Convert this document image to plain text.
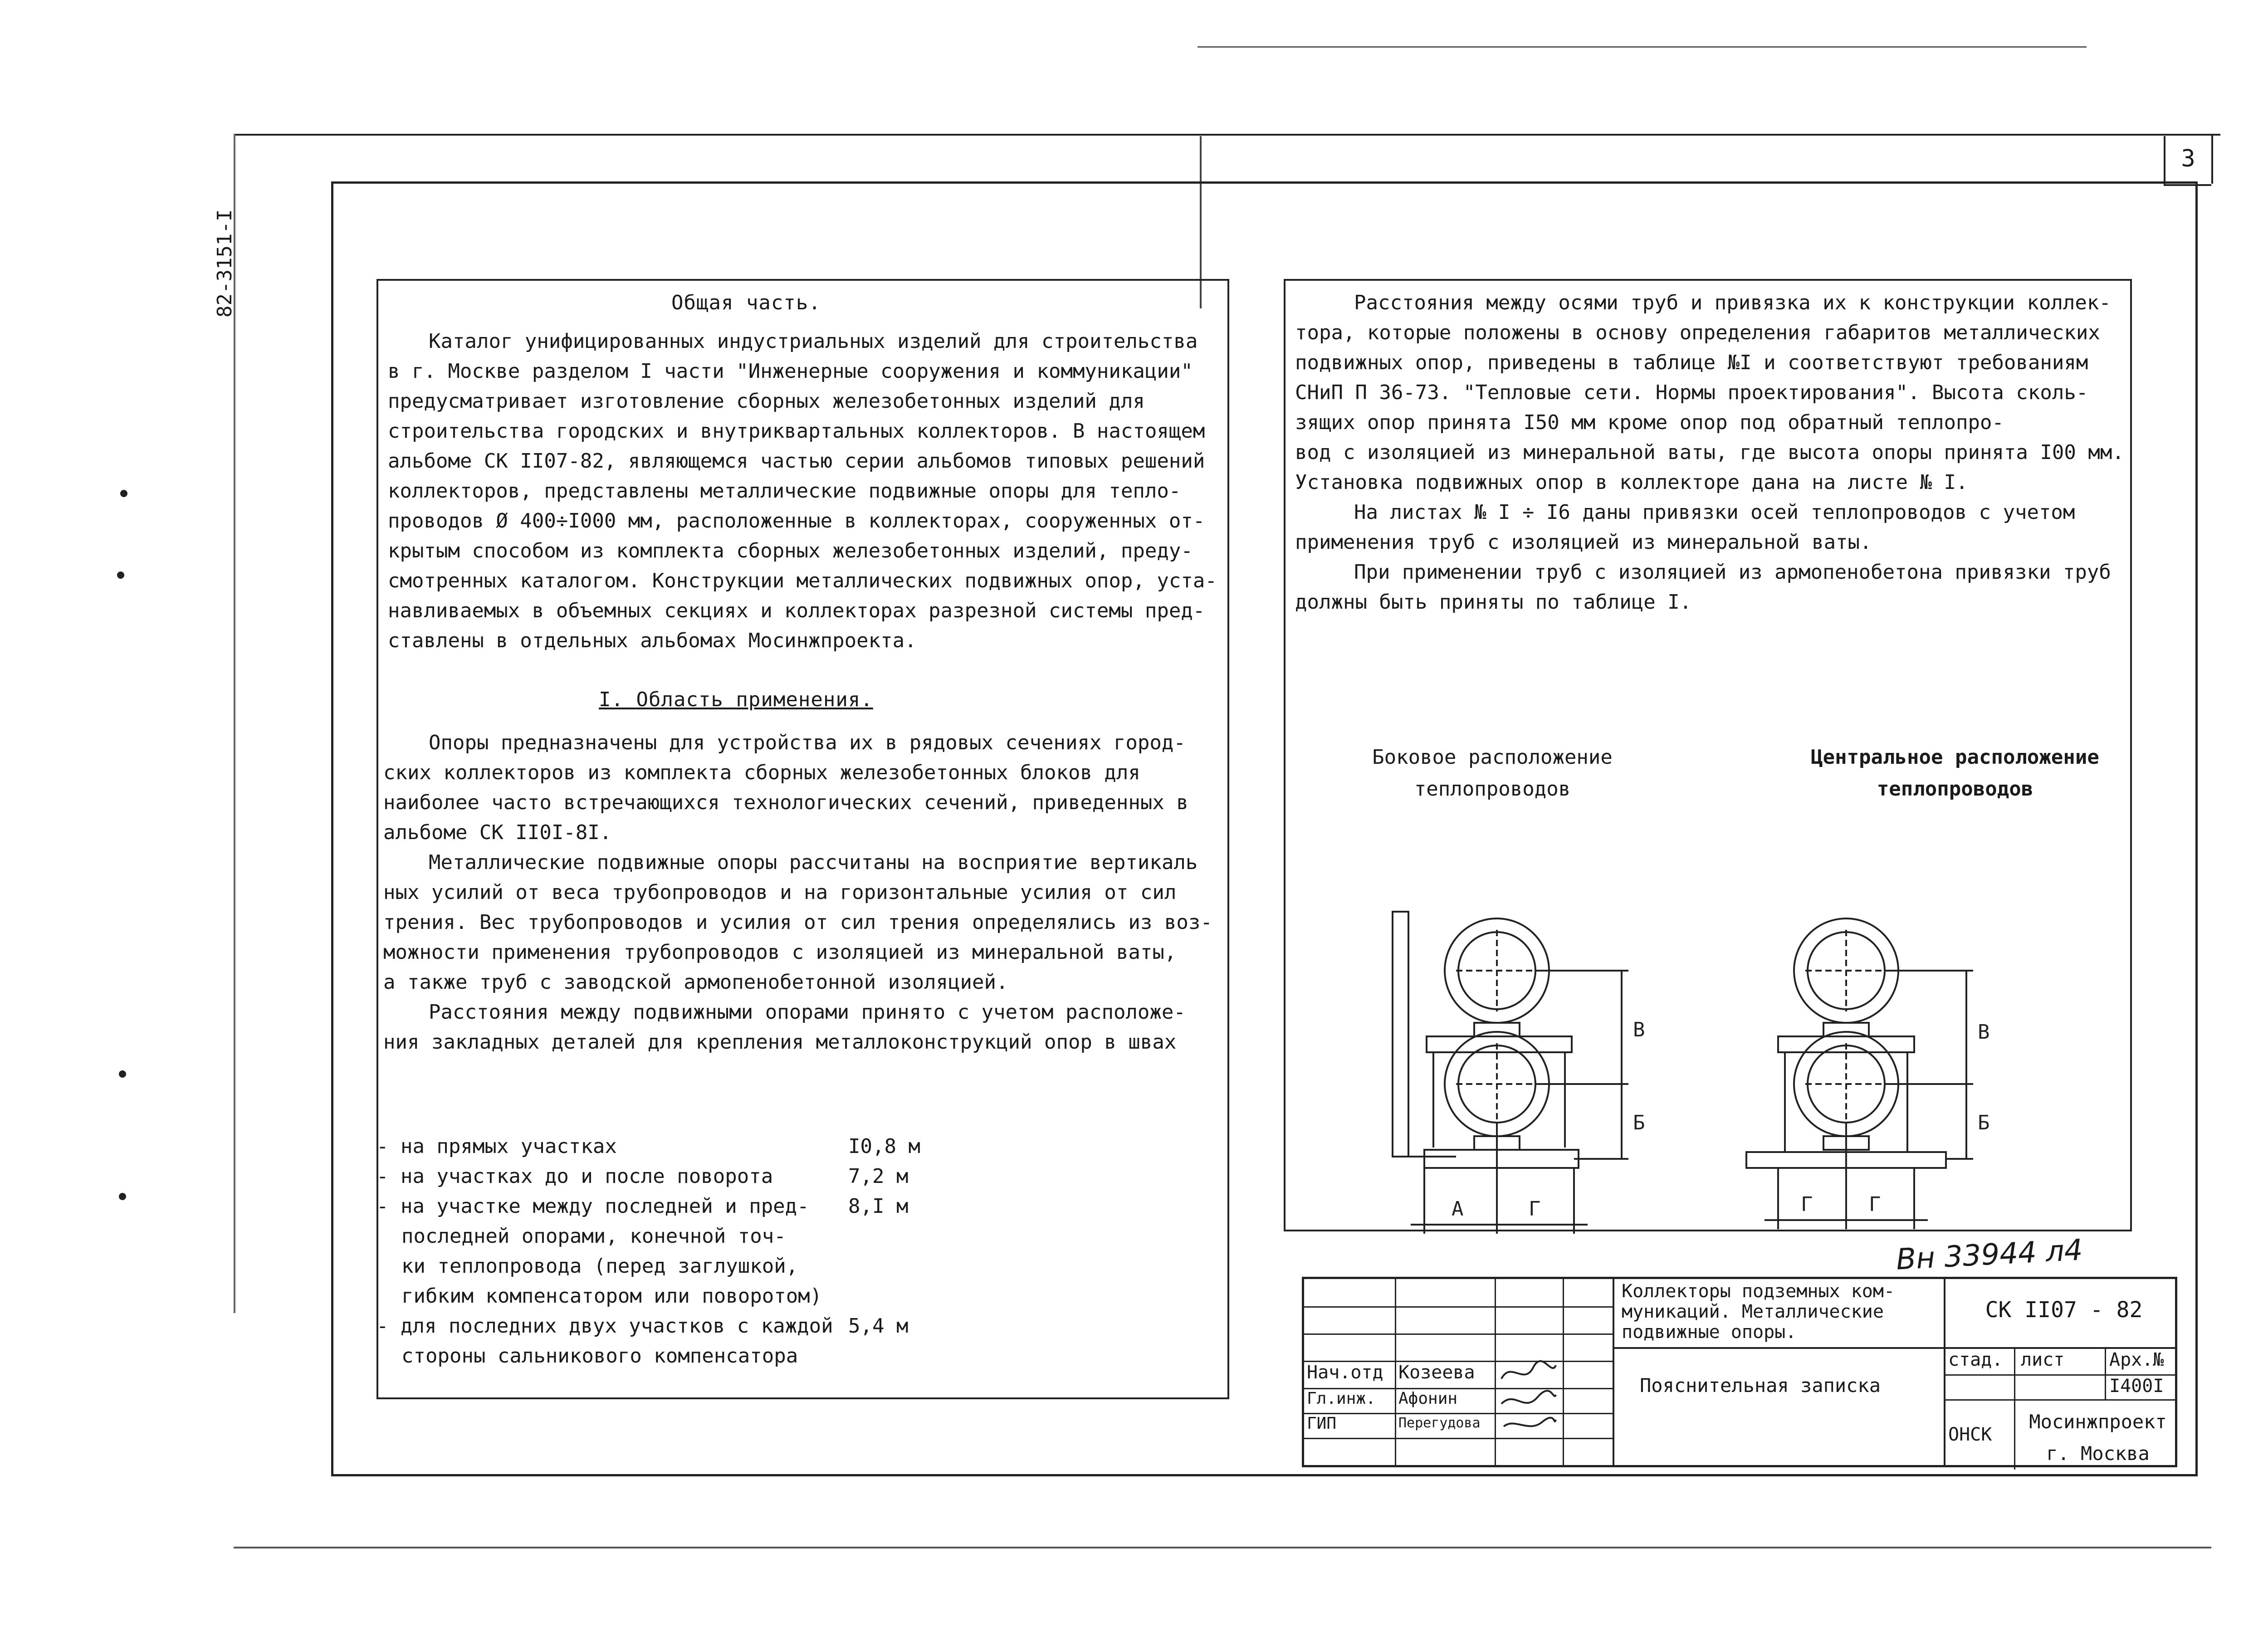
3
82-3151-I	Общая часть.
Каталог унифицированных индустриальных изделий для строительства
в г. Москве разделом I части "Инженерные сооружения и коммуникации"
предусматривает изготовление сборных железобетонных изделий для
строительства городских и внутриквартальных коллекторов. В настоящем
альбоме СК II07-82, являющемся частью серии альбомов типовых решений
коллекторов, представлены металлические подвижные опоры для тепло-
проводов Ø 400÷I000 мм, расположенные в коллекторах, сооруженных от-
крытым способом из комплекта сборных железобетонных изделий, преду-
смотренных каталогом. Конструкции металлических подвижных опор, уста-
навливаемых в объемных секциях и коллекторах разрезной системы пред-
ставлены в отдельных альбомах Мосинжпроекта.
I. Область применения.
Опоры предназначены для устройства их в рядовых сечениях город-
ских коллекторов из комплекта сборных железобетонных блоков для
наиболее часто встречающихся технологических сечений, приведенных в
альбоме СК II0I-8I.
Металлические подвижные опоры рассчитаны на восприятие вертикаль
ных усилий от веса трубопроводов и на горизонтальные усилия от сил
трения. Вес трубопроводов и усилия от сил трения определялись из воз-
можности применения трубопроводов с изоляцией из минеральной ваты,
а также труб с заводской армопенобетонной изоляцией.
Расстояния между подвижными опорами принято с учетом расположе-
ния закладных деталей для крепления металлоконструкций опор в швах
- на прямых участках	I0,8 м
- на участках до и после поворота	7,2 м
- на участке между последней и пред- 8,I м
последней опорами, конечной точ-
ки теплопровода (перед заглушкой,
гибким компенсатором или поворотом)
- для последних двух участков с каждой 5,4 м
стороны сальникового компенсатора
Расстояния между осями труб и привязка их к конструкции коллек-
тора, которые положены в основу определения габаритов металлических
подвижных опор, приведены в таблице №I и соответствуют требованиям
СНиП П 36-73. "Тепловые сети. Нормы проектирования". Высота сколь-
зящих опор принята I50 мм кроме опор под обратный теплопро-
вод с изоляцией из минеральной ваты, где высота опоры принята I00 мм.
Установка подвижных опор в коллекторе дана на листе № I.
На листах № I ÷ I6 даны привязки осей теплопроводов с учетом
применения труб с изоляцией из минеральной ваты.
При применении труб с изоляцией из армопенобетона привязки труб
должны быть приняты по таблице I.
Боковое расположение
теплопроводов
Центральное расположение
теплопроводов
В
Б
А	Г
В
Б
Г	Г
Вн 33944 л4
Нач.отд Козеева
Гл.инж. Афонин
ГИП	Перегудова
Коллекторы подземных ком-
муникаций. Металлические
подвижные опоры.
СК II07 - 82
Пояснительная записка
стад. лист Арх.№
I400I
ОНСК
Мосинжпроект
г. Москва
